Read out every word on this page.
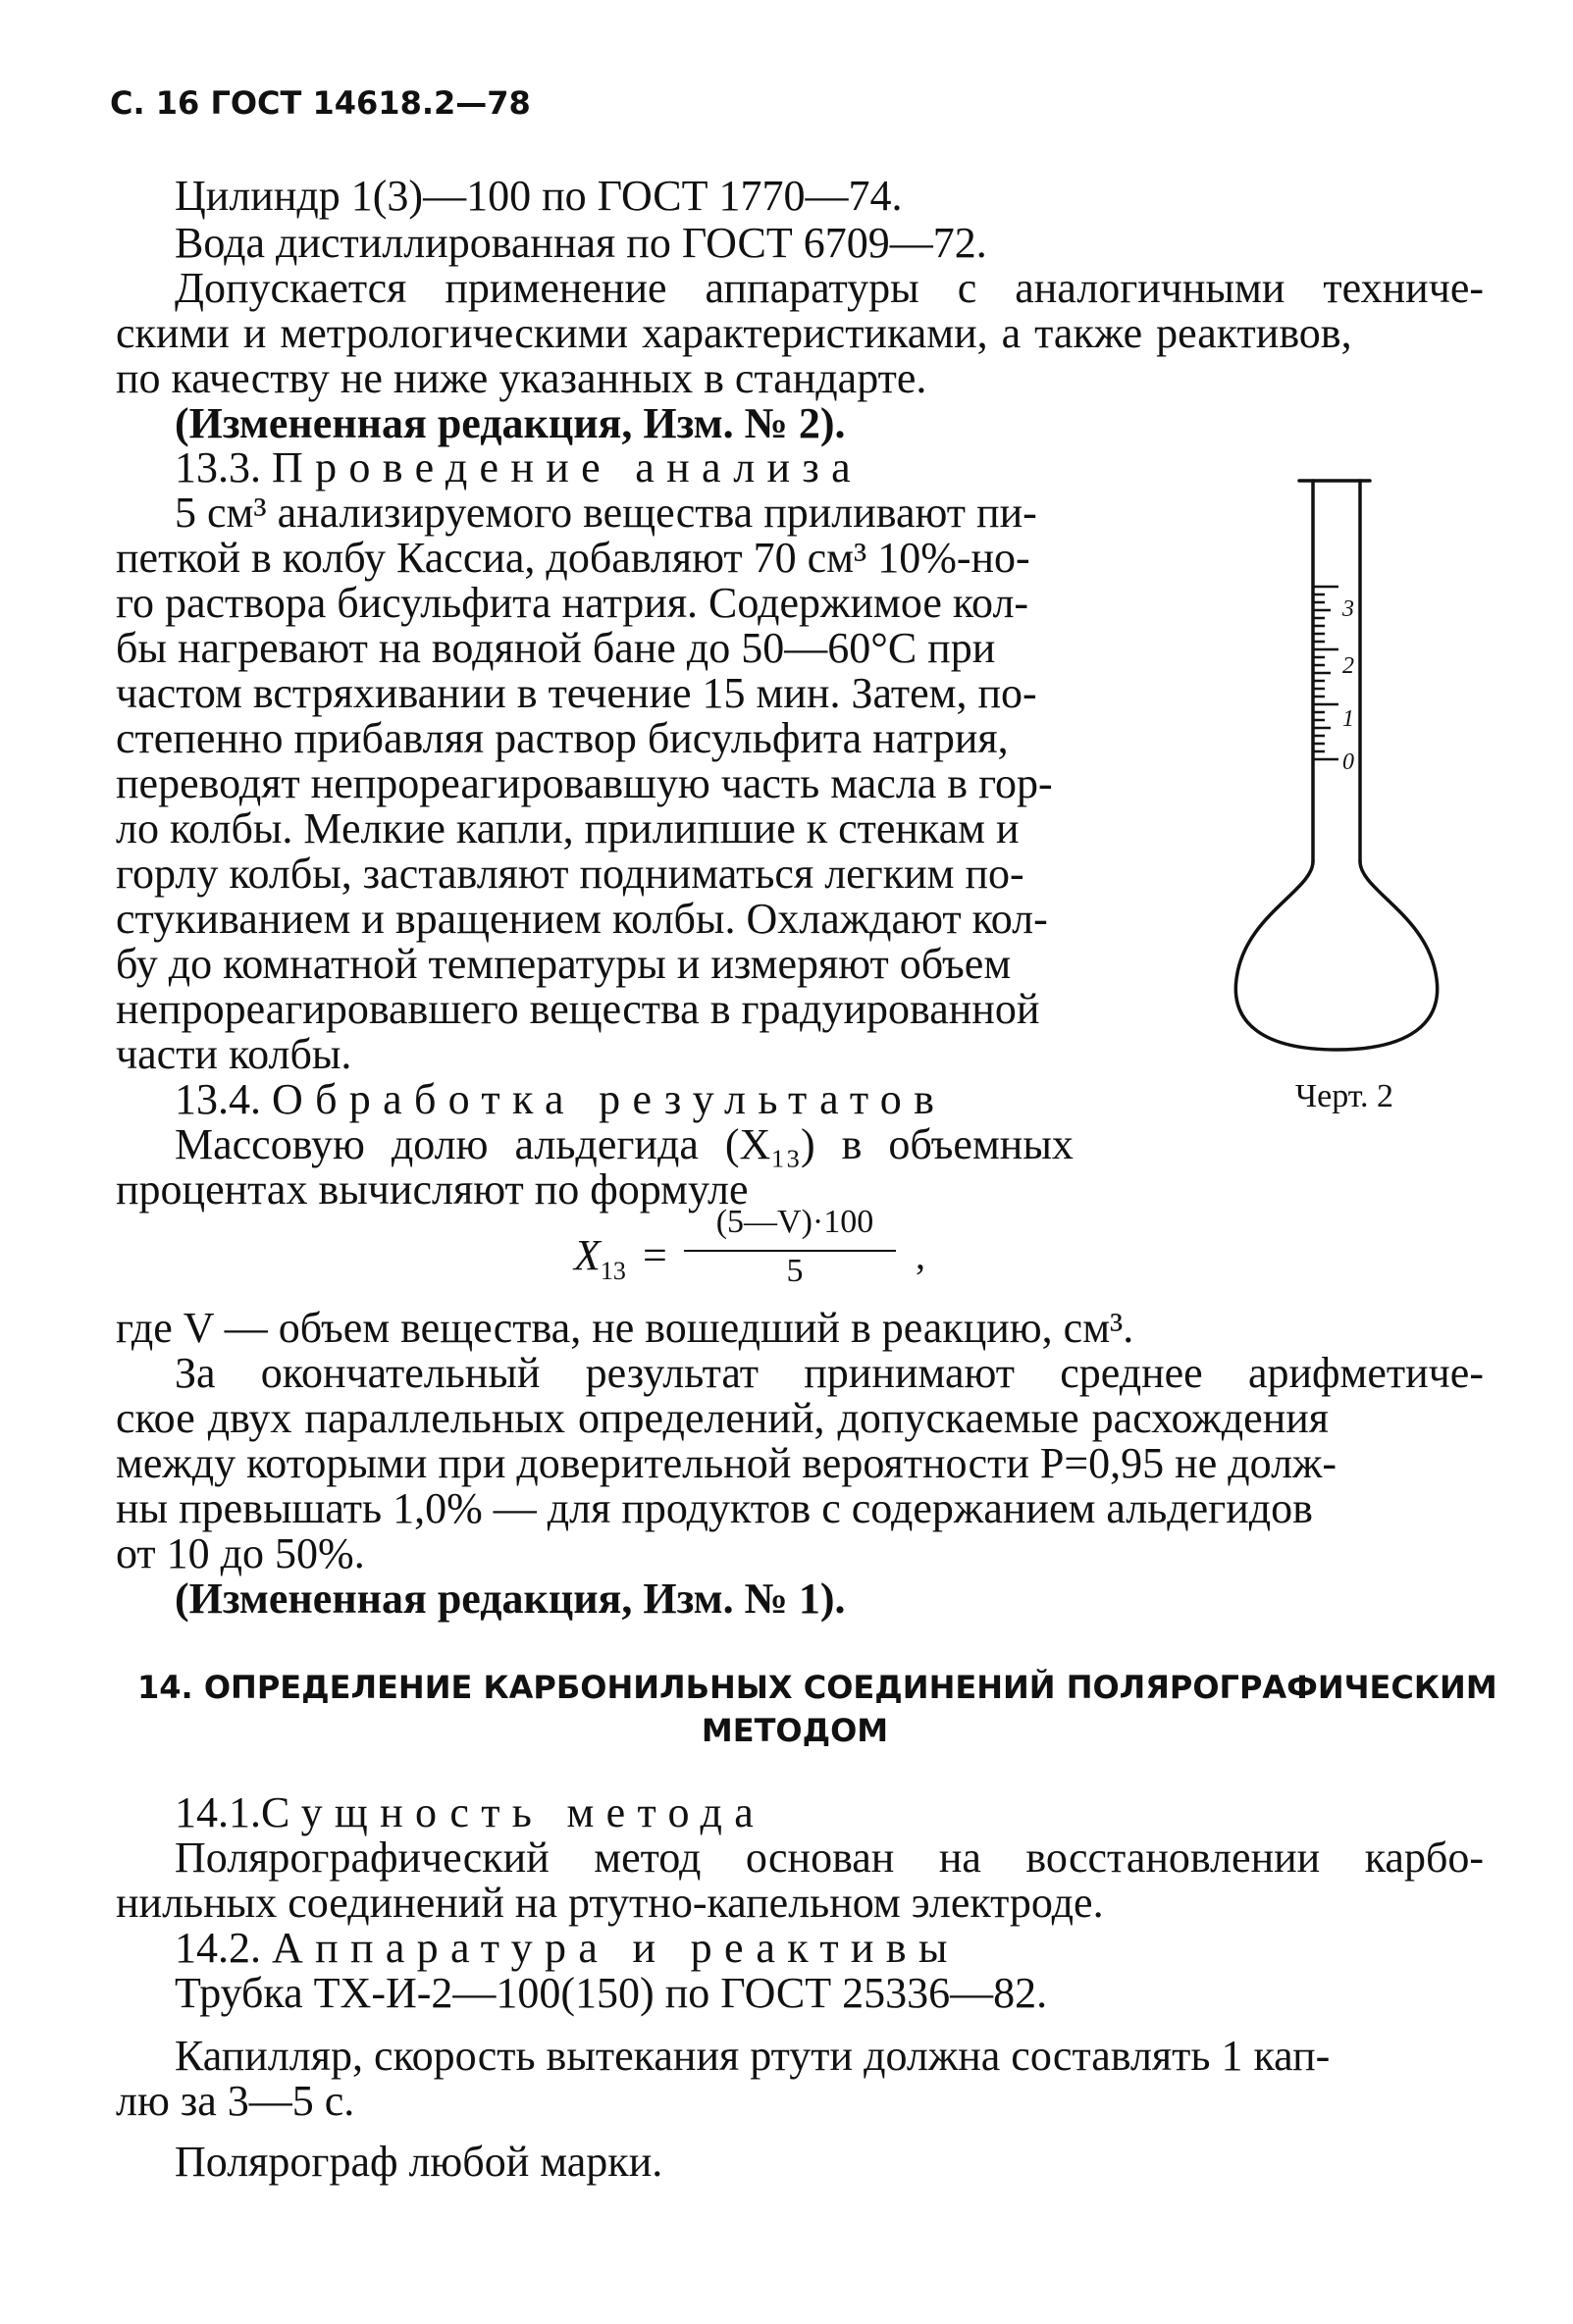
С. 16 ГОСТ 14618.2—78
Цилиндр 1(3)—100 по ГОСТ 1770—74.
Вода дистиллированная по ГОСТ 6709—72.
Допускается применение аппаратуры с аналогичными техниче-
скими и метрологическими характеристиками, а также реактивов,
по качеству не ниже указанных в стандарте.
(Измененная редакция, Изм. № 2).
13.3. Проведение анализа
5 см³ анализируемого вещества приливают пи-
петкой в колбу Кассиа, добавляют 70 см³ 10%-но-
го раствора бисульфита натрия. Содержимое кол-
бы нагревают на водяной бане до 50—60°С при
частом встряхивании в течение 15 мин. Затем, по-
степенно прибавляя раствор бисульфита натрия,
переводят непрореагировавшую часть масла в гор-
ло колбы. Мелкие капли, прилипшие к стенкам и
горлу колбы, заставляют подниматься легким по-
стукиванием и вращением колбы. Охлаждают кол-
бу до комнатной температуры и измеряют объем
непрореагировавшего вещества в градуированной
части колбы.
13.4. Обработка результатов
Массовую долю альдегида (X₁₃) в объемных
процентах вычисляют по формуле
$X_{13}$ =
(5—V)·100
5	,
где V — объем вещества, не вошедший в реакцию, см³.
За окончательный результат принимают среднее арифметиче-
ское двух параллельных определений, допускаемые расхождения
между которыми при доверительной вероятности P=0,95 не долж-
ны превышать 1,0% — для продуктов с содержанием альдегидов
от 10 до 50%.
(Измененная редакция, Изм. № 1).
14. ОПРЕДЕЛЕНИЕ КАРБОНИЛЬНЫХ СОЕДИНЕНИЙ ПОЛЯРОГРАФИЧЕСКИМ
МЕТОДОМ
14.1.Сущность метода
Полярографический метод основан на восстановлении карбо-
нильных соединений на ртутно-капельном электроде.
14.2. Аппаратура и реактивы
Трубка ТХ-И-2—100(150) по ГОСТ 25336—82.
Капилляр, скорость вытекания ртути должна составлять 1 кап-
лю за 3—5 с.
Полярограф любой марки.
3
2
1
0
Черт. 2
